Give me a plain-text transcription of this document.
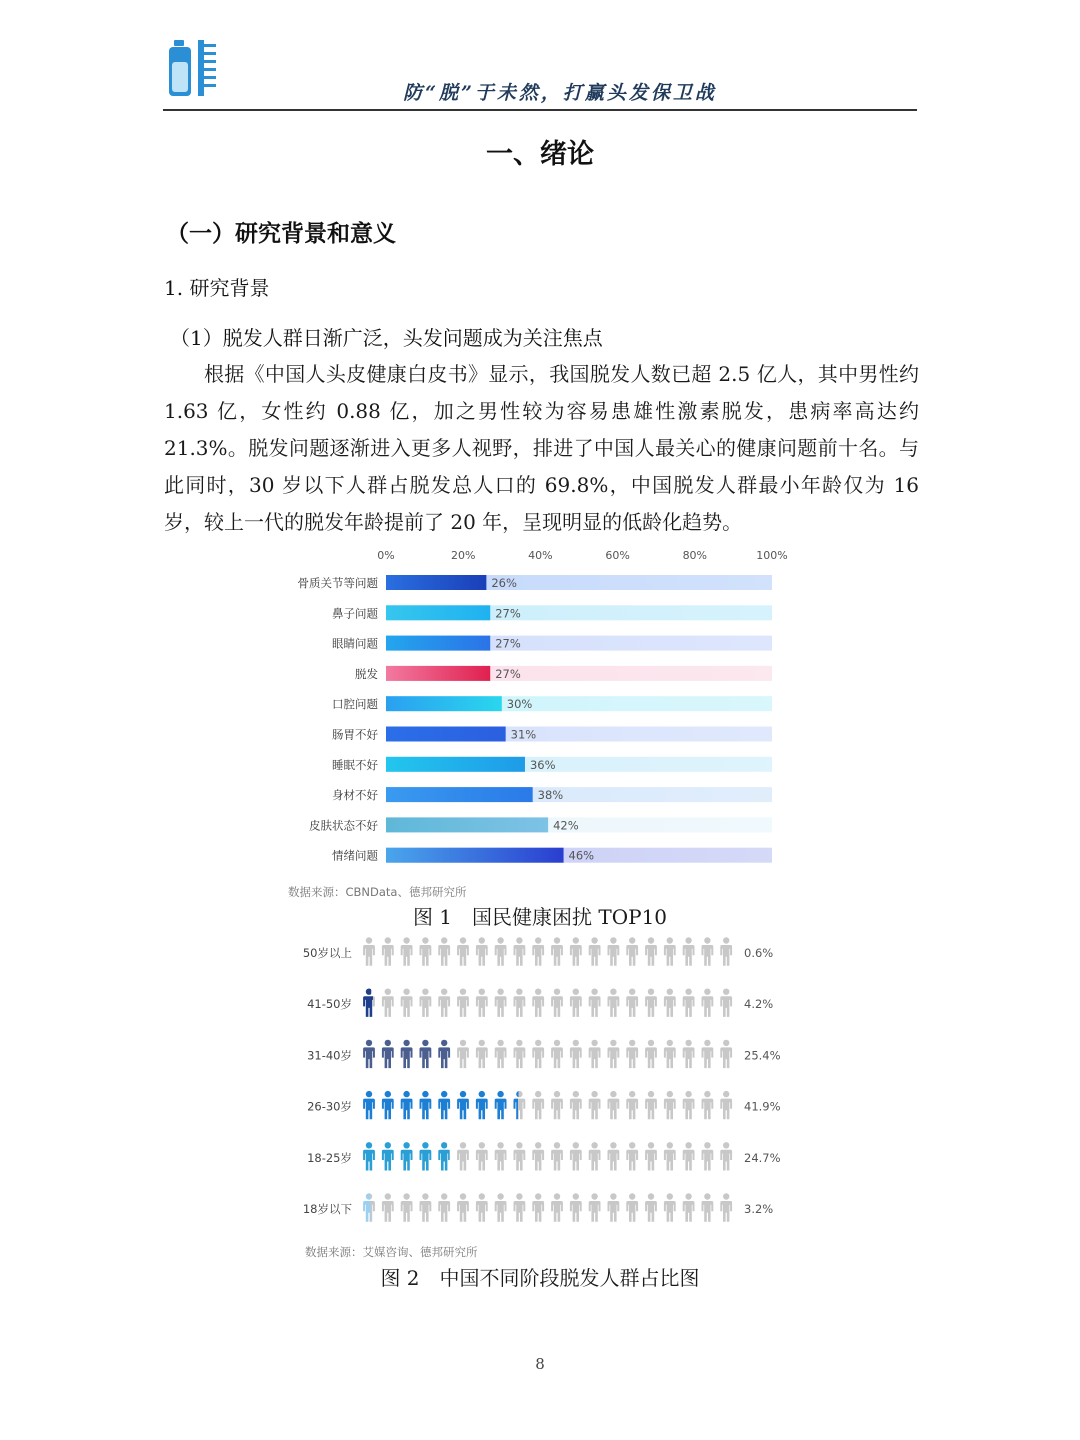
防“脱”于未然，打赢头发保卫战
一、绪论
（一）研究背景和意义
1. 研究背景
（1）脱发人群日渐广泛，头发问题成为关注焦点

根据《中国人头皮健康白皮书》显示，我国脱发人数已超 2.5 亿人，其中男性约 1.63 亿，女性约 0.88 亿，加之男性较为容易患雄性激素脱发，患病率高达约 21.3%。脱发问题逐渐进入更多人视野，排进了中国人最关心的健康问题前十名。与此同时，30 岁以下人群占脱发总人口的 69.8%，中国脱发人群最小年龄仅为 16 岁，较上一代的脱发年龄提前了 20 年，呈现明显的低龄化趋势。

0%	20%	40%	60%	80%	100%
骨质关节等问题	26%
鼻子问题	27%
眼睛问题	27%
脱发	27%
口腔问题	30%
肠胃不好	31%
睡眠不好	36%
身材不好	38%
皮肤状态不好	42%
情绪问题	46%
数据来源：CBNData、德邦研究所
图 1　国民健康困扰 TOP10
50岁以上	0.6%
41-50岁	4.2%
31-40岁	25.4%
26-30岁	41.9%
18-25岁	24.7%
18岁以下	3.2%
数据来源：艾媒咨询、德邦研究所
图 2　中国不同阶段脱发人群占比图
8
